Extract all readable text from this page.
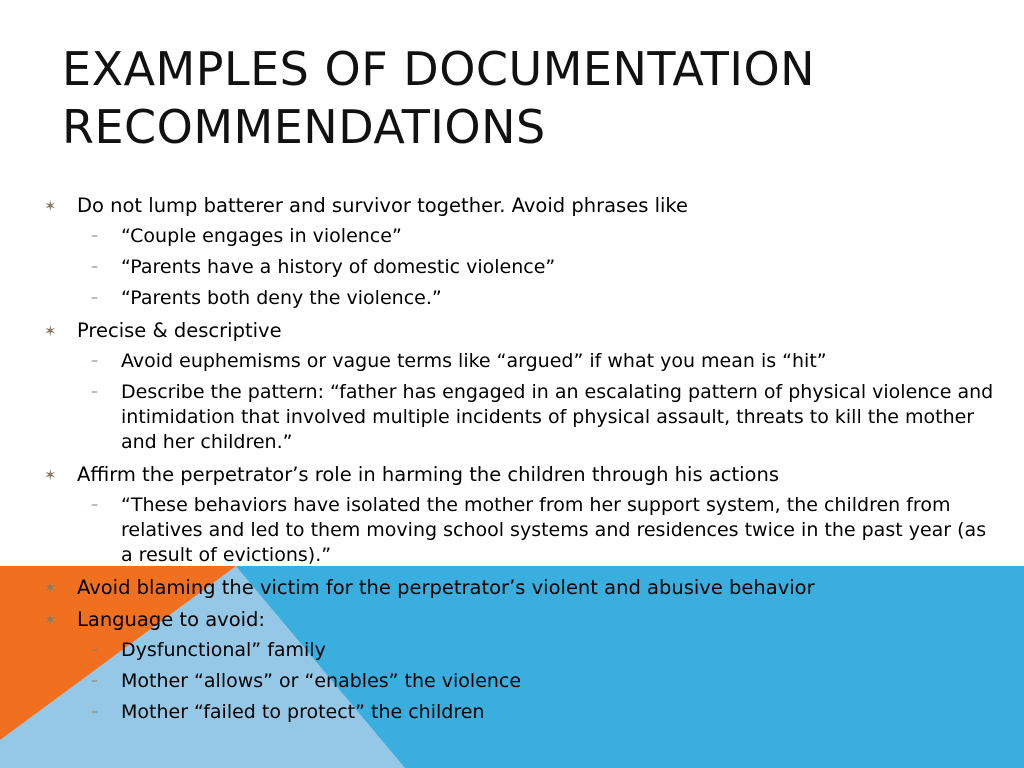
EXAMPLES OF DOCUMENTATION RECOMMENDATIONS
✶ Do not lump batterer and survivor together. Avoid phrases like
– “Couple engages in violence”
– “Parents have a history of domestic violence”
– “Parents both deny the violence.”
✶ Precise & descriptive
– Avoid euphemisms or vague terms like “argued” if what you mean is “hit”
– Describe the pattern: “father has engaged in an escalating pattern of physical violence and intimidation that involved multiple incidents of physical assault, threats to kill the mother and her children.”
✶ Affirm the perpetrator’s role in harming the children through his actions
– “These behaviors have isolated the mother from her support system, the children from relatives and led to them moving school systems and residences twice in the past year (as a result of evictions).”
✶ Avoid blaming the victim for the perpetrator’s violent and abusive behavior
✶ Language to avoid:
– Dysfunctional” family
– Mother “allows” or “enables” the violence
– Mother “failed to protect” the children
